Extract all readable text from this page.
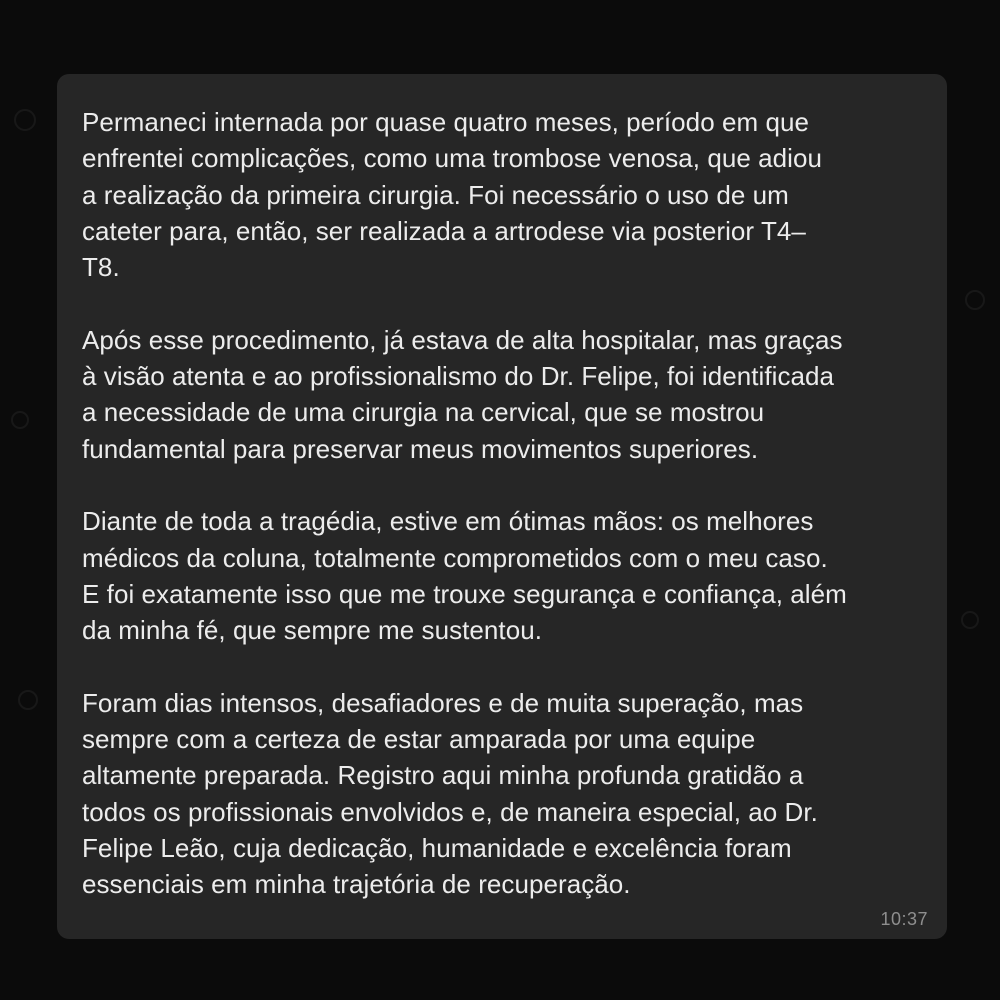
Permaneci internada por quase quatro meses, período em que
enfrentei complicações, como uma trombose venosa, que adiou
a realização da primeira cirurgia. Foi necessário o uso de um
cateter para, então, ser realizada a artrodese via posterior T4–
T8.

Após esse procedimento, já estava de alta hospitalar, mas graças
à visão atenta e ao profissionalismo do Dr. Felipe, foi identificada
a necessidade de uma cirurgia na cervical, que se mostrou
fundamental para preservar meus movimentos superiores.

Diante de toda a tragédia, estive em ótimas mãos: os melhores
médicos da coluna, totalmente comprometidos com o meu caso.
E foi exatamente isso que me trouxe segurança e confiança, além
da minha fé, que sempre me sustentou.

Foram dias intensos, desafiadores e de muita superação, mas
sempre com a certeza de estar amparada por uma equipe
altamente preparada. Registro aqui minha profunda gratidão a
todos os profissionais envolvidos e, de maneira especial, ao Dr.
Felipe Leão, cuja dedicação, humanidade e excelência foram
essenciais em minha trajetória de recuperação.

10:37
